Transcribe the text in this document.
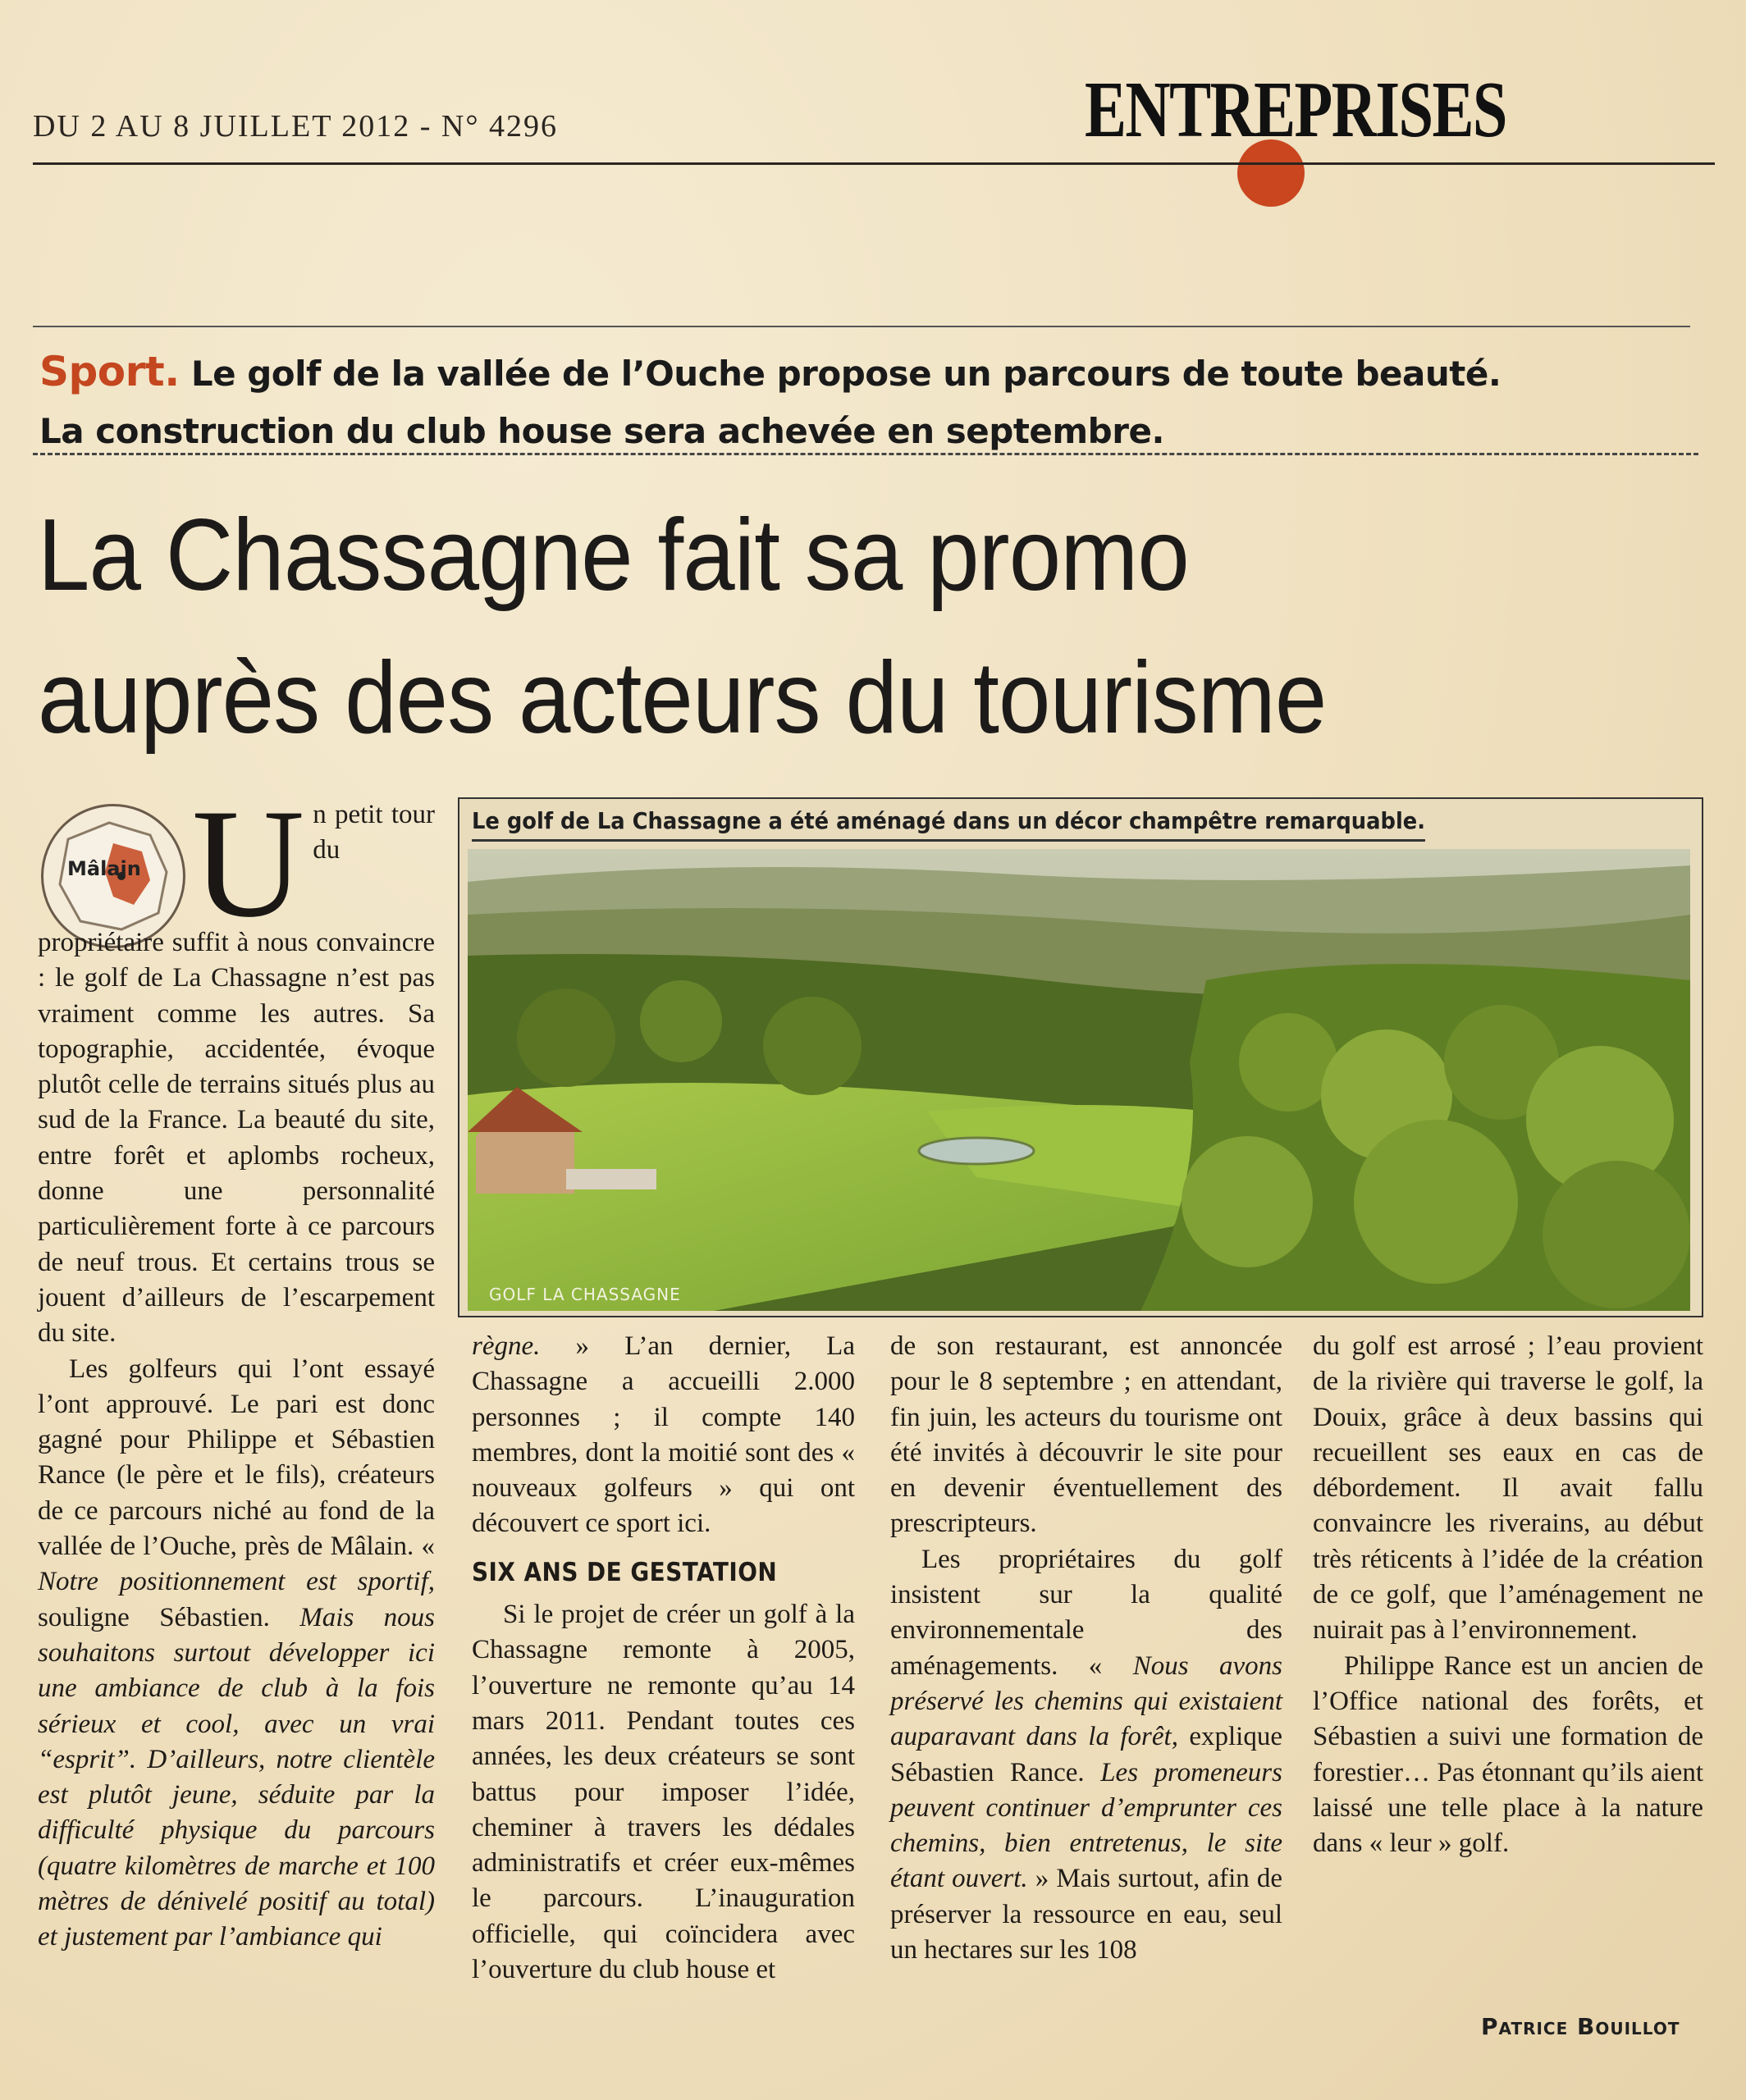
DU 2 AU 8 JUILLET 2012 - N° 4296	ENTREPRISES
Sport. Le golf de la vallée de l’Ouche propose un parcours de toute beauté.
La construction du club house sera achevée en septembre.
La Chassagne fait sa promo
auprès des acteurs du tourisme
Mâlain
Le golf de La Chassagne a été aménagé dans un décor champêtre remarquable.
GOLF LA CHASSAGNE

Un petit tour du propriétaire suffit à nous convaincre : le golf de La Chassagne n’est pas vraiment comme les autres. Sa topographie, accidentée, évoque plutôt celle de terrains situés plus au sud de la France. La beauté du site, entre forêt et aplombs rocheux, donne une personnalité particulièrement forte à ce parcours de neuf trous. Et certains trous se jouent d’ailleurs de l’escarpement du site.

Les golfeurs qui l’ont essayé l’ont approuvé. Le pari est donc gagné pour Philippe et Sébastien Rance (le père et le fils), créateurs de ce parcours niché au fond de la vallée de l’Ouche, près de Mâlain. « Notre positionnement est sportif, souligne Sébastien. Mais nous souhaitons surtout développer ici une ambiance de club à la fois sérieux et cool, avec un vrai “esprit”. D’ailleurs, notre clientèle est plutôt jeune, séduite par la difficulté physique du parcours (quatre kilomètres de marche et 100 mètres de dénivelé positif au total) et justement par l’ambiance qui

règne. » L’an dernier, La Chassagne a accueilli 2.000 personnes ; il compte 140 membres, dont la moitié sont des « nouveaux golfeurs » qui ont découvert ce sport ici.

SIX ANS DE GESTATION

Si le projet de créer un golf à la Chassagne remonte à 2005, l’ouverture ne remonte qu’au 14 mars 2011. Pendant toutes ces années, les deux créateurs se sont battus pour imposer l’idée, cheminer à travers les dédales administratifs et créer eux-mêmes le parcours. L’inauguration officielle, qui coïncidera avec l’ouverture du club house et

de son restaurant, est annoncée pour le 8 septembre ; en attendant, fin juin, les acteurs du tourisme ont été invités à découvrir le site pour en devenir éventuellement des prescripteurs.

Les propriétaires du golf insistent sur la qualité environnementale des aménagements. « Nous avons préservé les chemins qui existaient auparavant dans la forêt, explique Sébastien Rance. Les promeneurs peuvent continuer d’emprunter ces chemins, bien entretenus, le site étant ouvert. » Mais surtout, afin de préserver la ressource en eau, seul un hectares sur les 108

du golf est arrosé ; l’eau provient de la rivière qui traverse le golf, la Douix, grâce à deux bassins qui recueillent ses eaux en cas de débordement. Il avait fallu convaincre les riverains, au début très réticents à l’idée de la création de ce golf, que l’aménagement ne nuirait pas à l’environnement.

Philippe Rance est un ancien de l’Office national des forêts, et Sébastien a suivi une formation de forestier… Pas étonnant qu’ils aient laissé une telle place à la nature dans « leur » golf.

Patrice Bouillot
